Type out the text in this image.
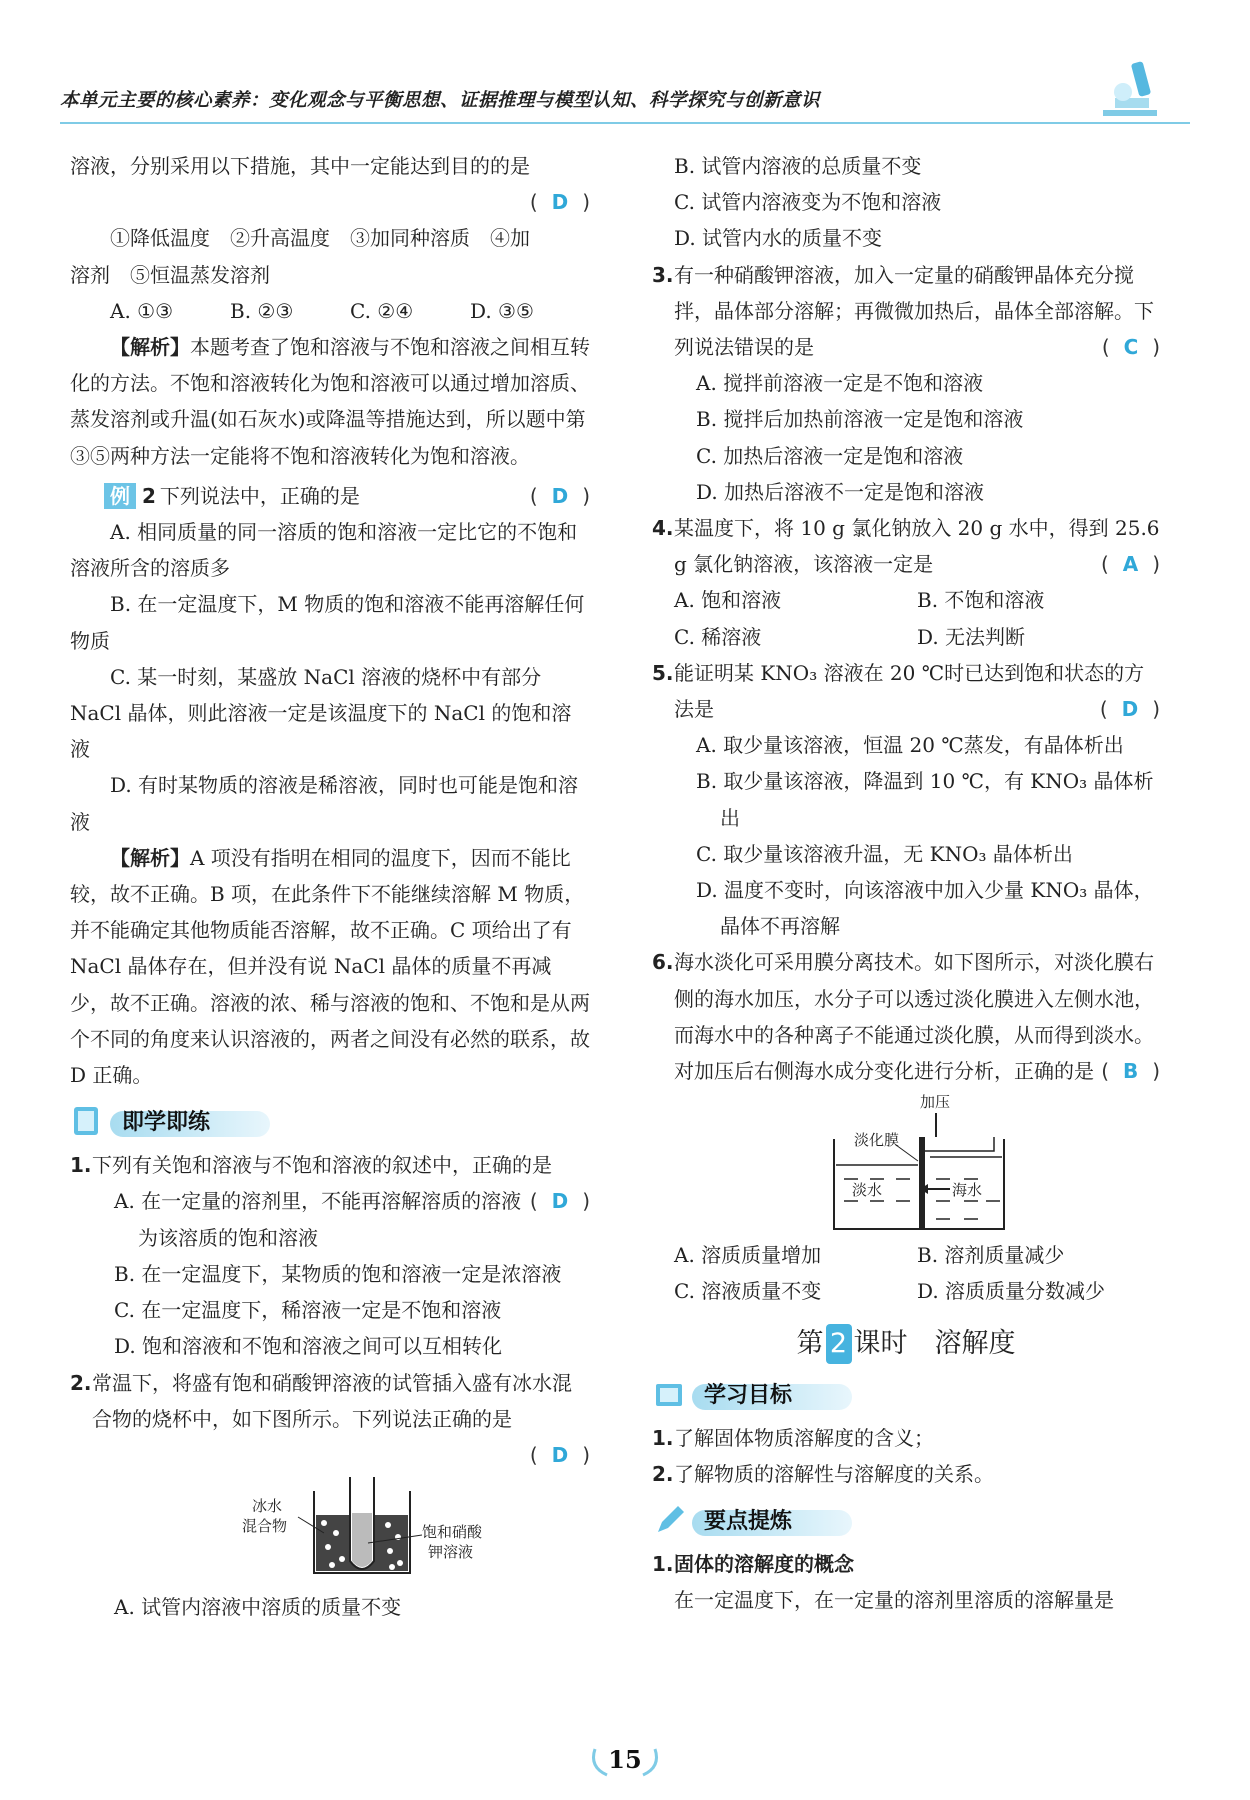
本单元主要的核心素养：变化观念与平衡思想、证据推理与模型认知、科学探究与创新意识

溶液，分别采用以下措施，其中一定能达到目的的是

( D )

①降低温度　②升高温度　③加同种溶质　④加

溶剂　⑤恒温蒸发溶剂

A. ①③	B. ②③	C. ②④	D. ③⑤

【解析】本题考查了饱和溶液与不饱和溶液之间相互转化的方法。不饱和溶液转化为饱和溶液可以通过增加溶质、蒸发溶剂或升温(如石灰水)或降温等措施达到，所以题中第③⑤两种方法一定能将不饱和溶液转化为饱和溶液。

例 2 下列说法中，正确的是	( D )

A. 相同质量的同一溶质的饱和溶液一定比它的不饱和溶液所含的溶质多

B. 在一定温度下，M 物质的饱和溶液不能再溶解任何物质

C. 某一时刻，某盛放 NaCl 溶液的烧杯中有部分 NaCl 晶体，则此溶液一定是该温度下的 NaCl 的饱和溶液

D. 有时某物质的溶液是稀溶液，同时也可能是饱和溶液

【解析】A 项没有指明在相同的温度下，因而不能比较，故不正确。B 项，在此条件下不能继续溶解 M 物质，并不能确定其他物质能否溶解，故不正确。C 项给出了有 NaCl 晶体存在，但并没有说 NaCl 晶体的质量不再减少，故不正确。溶液的浓、稀与溶液的饱和、不饱和是从两个不同的角度来认识溶液的，两者之间没有必然的联系，故 D 正确。

即学即练

1.下列有关饱和溶液与不饱和溶液的叙述中，正确的是
( D )

A. 在一定量的溶剂里，不能再溶解溶质的溶液为该溶质的饱和溶液

B. 在一定温度下，某物质的饱和溶液一定是浓溶液

C. 在一定温度下，稀溶液一定是不饱和溶液

D. 饱和溶液和不饱和溶液之间可以互相转化

2.常温下，将盛有饱和硝酸钾溶液的试管插入盛有冰水混合物的烧杯中，如下图所示。下列说法正确的是

( D )

冰水
混合物	饱和硝酸
钾溶液

A. 试管内溶液中溶质的质量不变

B. 试管内溶液的总质量不变

C. 试管内溶液变为不饱和溶液

D. 试管内水的质量不变

3.有一种硝酸钾溶液，加入一定量的硝酸钾晶体充分搅拌，晶体部分溶解；再微微加热后，晶体全部溶解。下列说法错误的是	( C )

A. 搅拌前溶液一定是不饱和溶液

B. 搅拌后加热前溶液一定是饱和溶液

C. 加热后溶液一定是饱和溶液

D. 加热后溶液不一定是饱和溶液

4.某温度下，将 10 g 氯化钠放入 20 g 水中，得到 25.6 g 氯化钠溶液，该溶液一定是	( A )

A. 饱和溶液	B. 不饱和溶液
C. 稀溶液	D. 无法判断

5.能证明某 KNO₃ 溶液在 20 ℃时已达到饱和状态的方法是	( D )

A. 取少量该溶液，恒温 20 ℃蒸发，有晶体析出

B. 取少量该溶液，降温到 10 ℃，有 KNO₃ 晶体析出

C. 取少量该溶液升温，无 KNO₃ 晶体析出

D. 温度不变时，向该溶液中加入少量 KNO₃ 晶体，晶体不再溶解

6.海水淡化可采用膜分离技术。如下图所示，对淡化膜右侧的海水加压，水分子可以透过淡化膜进入左侧水池，而海水中的各种离子不能通过淡化膜，从而得到淡水。对加压后右侧海水成分变化进行分析，正确的是 ( B )

加压
淡化膜
淡水	海水
A. 溶质质量增加	B. 溶剂质量减少
C. 溶液质量不变	D. 溶质质量分数减少
第 2 课时　溶解度
学习目标

1.了解固体物质溶解度的含义；

2.了解物质的溶解性与溶解度的关系。

要点提炼

1.固体的溶解度的概念

在一定温度下，在一定量的溶剂里溶质的溶解量是

15
